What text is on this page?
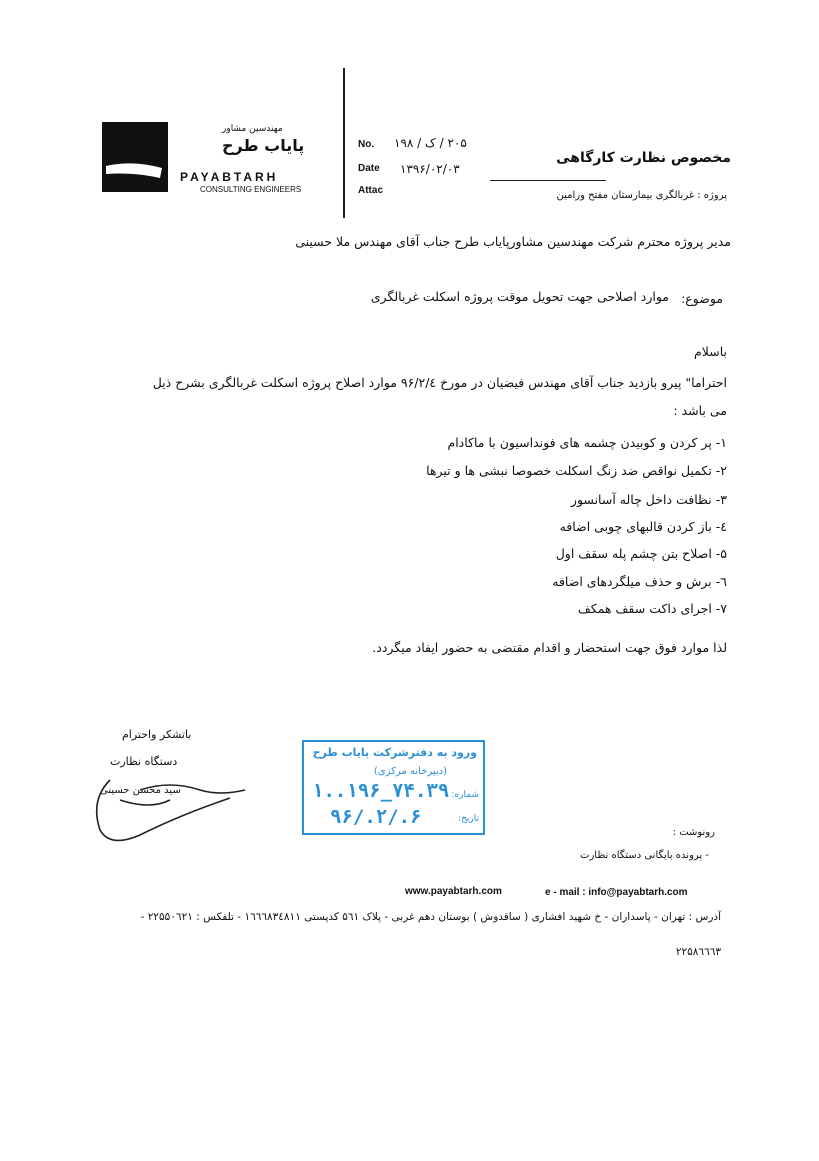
مهندسین مشاور
پایاب طرح
PAYABTARH
CONSULTING ENGINEERS
No. ۲۰۵ / ک / ۱۹۸
Date ۱۳۹۶/۰۲/۰۳
Attac
مخصوص نظارت کارگاهی
پروژه : غربالگری بیمارستان مفتح ورامین
مدیر پروژه محترم شرکت مهندسین مشاورپایاب طرح جناب آقای مهندس ملا حسینی
موضوع:
موارد اصلاحی جهت تحویل موقت پروژه اسکلت غربالگری
باسلام
احتراما" پیرو بازدید جناب آقای مهندس فیضیان در مورخ ۹۶/۲/٤ موارد اصلاح پروژه اسکلت غربالگری بشرح ذیل
می باشد :
۱- پر کردن و کوبیدن چشمه های فونداسیون با ماکادام
۲- تکمیل نواقص ضد زنگ اسکلت خصوصا نبشی ها و تیرها
۳- نظافت داخل چاله آسانسور
٤- باز کردن قالبهای چوبی اضافه
۵- اصلاح بتن چشم پله سقف اول
٦- برش و حذف میلگردهای اضافه
۷- اجرای داکت سقف همکف
لذا موارد فوق جهت استحضار و اقدام مقتضی به حضور ایفاد میگردد.
باتشکر واحترام
دستگاه نظارت
سید محسن حسینی
ورود به دفترشرکت پایاب طرح
(دبیرخانه مرکزی)
شماره:
۱..۱۹۶_۷۴.۳۹
تاریخ:
۹۶/.۲/.۶
رونوشت :
- پرونده بایگانی دستگاه نظارت
www.payabtarh.com	e - mail : info@payabtarh.com
آدرس : تهران - پاسداران - خ شهید افشاری ( ساقدوش ) بوستان دهم غربی - پلاک ۵٦۱ کدپستی ۱٦٦٦۸۳٤۸۱۱ - تلفکس : ۲۲۵۵۰٦۲۱ -
۲۲۵۸٦٦٦۳
